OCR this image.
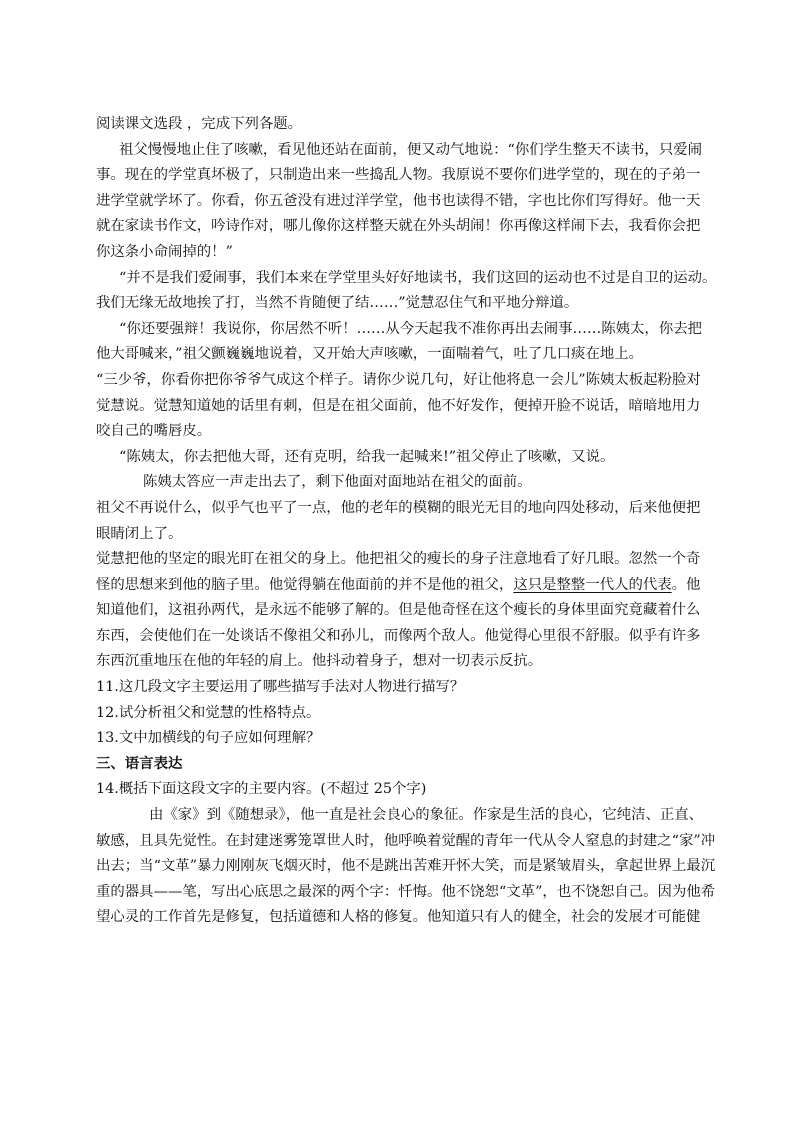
阅读课文选段 ，完成下列各题。

祖父慢慢地止住了咳嗽，看见他还站在面前，便又动气地说：“你们学生整天不读书，只爱闹

事。现在的学堂真坏极了，只制造出来一些捣乱人物。我原说不要你们进学堂的，现在的子弟一

进学堂就学坏了。你看，你五爸没有进过洋学堂，他书也读得不错，字也比你们写得好。他一天

就在家读书作文，吟诗作对，哪儿像你这样整天就在外头胡闹！你再像这样闹下去，我看你会把

你这条小命闹掉的！”

“并不是我们爱闹事，我们本来在学堂里头好好地读书，我们这回的运动也不过是自卫的运动。

我们无缘无故地挨了打，当然不肯随便了结……”觉慧忍住气和平地分辩道。

“你还要强辩！我说你，你居然不听！……从今天起我不准你再出去闹事……陈姨太，你去把

他大哥喊来，”祖父颤巍巍地说着，又开始大声咳嗽，一面喘着气，吐了几口痰在地上。

“三少爷，你看你把你爷爷气成这个样子。请你少说几句，好让他将息一会儿”陈姨太板起粉脸对

觉慧说。觉慧知道她的话里有刺，但是在祖父面前，他不好发作，便掉开脸不说话，暗暗地用力

咬自己的嘴唇皮。

“陈姨太，你去把他大哥，还有克明，给我一起喊来!”祖父停止了咳嗽，又说。

陈姨太答应一声走出去了，剩下他面对面地站在祖父的面前。

祖父不再说什么，似乎气也平了一点，他的老年的模糊的眼光无目的地向四处移动，后来他便把

眼睛闭上了。

觉慧把他的坚定的眼光盯在祖父的身上。他把祖父的瘦长的身子注意地看了好几眼。忽然一个奇

怪的思想来到他的脑子里。他觉得躺在他面前的并不是他的祖父，这只是整整一代人的代表。他

知道他们，这祖孙两代，是永远不能够了解的。但是他奇怪在这个瘦长的身体里面究竟藏着什么

东西，会使他们在一处谈话不像祖父和孙儿，而像两个敌人。他觉得心里很不舒服。似乎有许多

东西沉重地压在他的年轻的肩上。他抖动着身子，想对一切表示反抗。

11.这几段文字主要运用了哪些描写手法对人物进行描写？

12.试分析祖父和觉慧的性格特点。

13.文中加横线的句子应如何理解？

三、语言表达

14.概括下面这段文字的主要内容。(不超过 25个字)

由《家》到《随想录》，他一直是社会良心的象征。作家是生活的良心，它纯洁、正直、

敏感，且具先觉性。在封建迷雾笼罩世人时，他呼唤着觉醒的青年一代从令人窒息的封建之“家”冲

出去；当“文革”暴力刚刚灰飞烟灭时，他不是跳出苦难开怀大笑，而是紧皱眉头，拿起世界上最沉

重的器具——笔，写出心底思之最深的两个字：忏悔。他不饶恕“文革”，也不饶恕自己。因为他希

望心灵的工作首先是修复，包括道德和人格的修复。他知道只有人的健全，社会的发展才可能健
